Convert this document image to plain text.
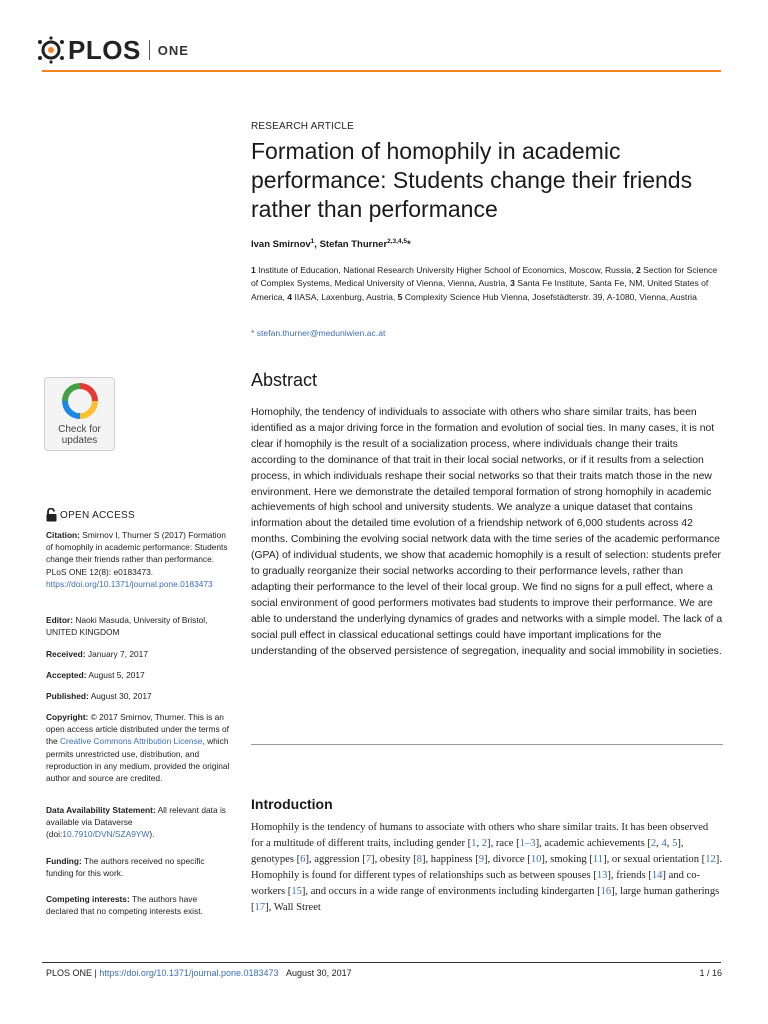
PLOS ONE
Check for
updates
OPEN ACCESS
Citation: Smirnov I, Thurner S (2017) Formation of homophily in academic performance: Students change their friends rather than performance. PLoS ONE 12(8): e0183473. https://doi.org/10.1371/journal.pone.0183473
Editor: Naoki Masuda, University of Bristol, UNITED KINGDOM
Received: January 7, 2017
Accepted: August 5, 2017
Published: August 30, 2017
Copyright: © 2017 Smirnov, Thurner. This is an open access article distributed under the terms of the Creative Commons Attribution License, which permits unrestricted use, distribution, and reproduction in any medium, provided the original author and source are credited.
Data Availability Statement: All relevant data is available via Dataverse (doi:10.7910/DVN/SZA9YW).
Funding: The authors received no specific funding for this work.
Competing interests: The authors have declared that no competing interests exist.
RESEARCH ARTICLE
Formation of homophily in academic performance: Students change their friends rather than performance
Ivan Smirnov$^1$, Stefan Thurner$^{2,3,4,5}$*
1 Institute of Education, National Research University Higher School of Economics, Moscow, Russia, 2 Section for Science of Complex Systems, Medical University of Vienna, Vienna, Austria, 3 Santa Fe Institute, Santa Fe, NM, United States of America, 4 IIASA, Laxenburg, Austria, 5 Complexity Science Hub Vienna, Josefstädterstr. 39, A-1080, Vienna, Austria
* stefan.thurner@meduniwien.ac.at
Abstract
Homophily, the tendency of individuals to associate with others who share similar traits, has been identified as a major driving force in the formation and evolution of social ties. In many cases, it is not clear if homophily is the result of a socialization process, where individuals change their traits according to the dominance of that trait in their local social networks, or if it results from a selection process, in which individuals reshape their social networks so that their traits match those in the new environment. Here we demonstrate the detailed temporal formation of strong homophily in academic achievements of high school and university students. We analyze a unique dataset that contains information about the detailed time evolution of a friendship network of 6,000 students across 42 months. Combining the evolving social network data with the time series of the academic performance (GPA) of individual students, we show that academic homophily is a result of selection: students prefer to gradually reorganize their social networks according to their performance levels, rather than adapting their performance to the level of their local group. We find no signs for a pull effect, where a social environment of good performers motivates bad students to improve their performance. We are able to understand the underlying dynamics of grades and networks with a simple model. The lack of a social pull effect in classical educational settings could have important implications for the understanding of the observed persistence of segregation, inequality and social immobility in societies.
Introduction
Homophily is the tendency of humans to associate with others who share similar traits. It has been observed for a multitude of different traits, including gender [1, 2], race [1–3], academic achievements [2, 4, 5], genotypes [6], aggression [7], obesity [8], happiness [9], divorce [10], smoking [11], or sexual orientation [12]. Homophily is found for different types of relationships such as between spouses [13], friends [14] and co-workers [15], and occurs in a wide range of environments including kindergarten [16], large human gatherings [17], Wall Street
PLOS ONE | https://doi.org/10.1371/journal.pone.0183473 August 30, 2017	1 / 16
